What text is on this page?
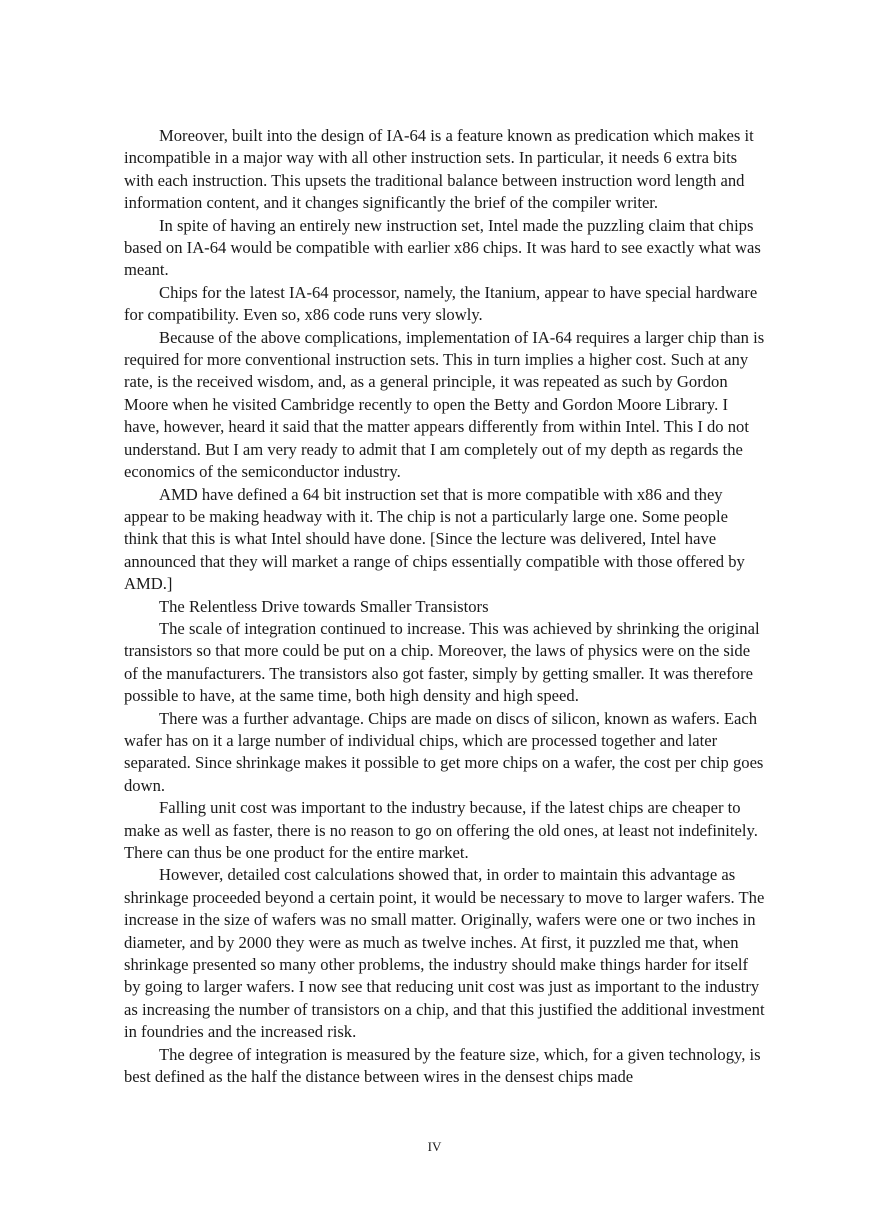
Moreover, built into the design of IA-64 is a feature known as predication which makes it incompatible in a major way with all other instruction sets. In particular, it needs 6 extra bits with each instruction. This upsets the traditional balance between instruction word length and information content, and it changes significantly the brief of the compiler writer.

In spite of having an entirely new instruction set, Intel made the puzzling claim that chips based on IA-64 would be compatible with earlier x86 chips. It was hard to see exactly what was meant.

Chips for the latest IA-64 processor, namely, the Itanium, appear to have special hardware for compatibility. Even so, x86 code runs very slowly.

Because of the above complications, implementation of IA-64 requires a larger chip than is required for more conventional instruction sets. This in turn implies a higher cost. Such at any rate, is the received wisdom, and, as a general principle, it was repeated as such by Gordon Moore when he visited Cambridge recently to open the Betty and Gordon Moore Library. I have, however, heard it said that the matter appears differently from within Intel. This I do not understand. But I am very ready to admit that I am completely out of my depth as regards the economics of the semiconductor industry.

AMD have defined a 64 bit instruction set that is more compatible with x86 and they appear to be making headway with it. The chip is not a particularly large one. Some people think that this is what Intel should have done. [Since the lecture was delivered, Intel have announced that they will market a range of chips essentially compatible with those offered by AMD.]

The Relentless Drive towards Smaller Transistors

The scale of integration continued to increase. This was achieved by shrinking the original transistors so that more could be put on a chip. Moreover, the laws of physics were on the side of the manufacturers. The transistors also got faster, simply by getting smaller. It was therefore possible to have, at the same time, both high density and high speed.

There was a further advantage. Chips are made on discs of silicon, known as wafers. Each wafer has on it a large number of individual chips, which are processed together and later separated. Since shrinkage makes it possible to get more chips on a wafer, the cost per chip goes down.

Falling unit cost was important to the industry because, if the latest chips are cheaper to make as well as faster, there is no reason to go on offering the old ones, at least not indefinitely. There can thus be one product for the entire market.

However, detailed cost calculations showed that, in order to maintain this advantage as shrinkage proceeded beyond a certain point, it would be necessary to move to larger wafers. The increase in the size of wafers was no small matter. Originally, wafers were one or two inches in diameter, and by 2000 they were as much as twelve inches. At first, it puzzled me that, when shrinkage presented so many other problems, the industry should make things harder for itself by going to larger wafers. I now see that reducing unit cost was just as important to the industry as increasing the number of transistors on a chip, and that this justified the additional investment in foundries and the increased risk.

The degree of integration is measured by the feature size, which, for a given technology, is best defined as the half the distance between wires in the densest chips made

IV
